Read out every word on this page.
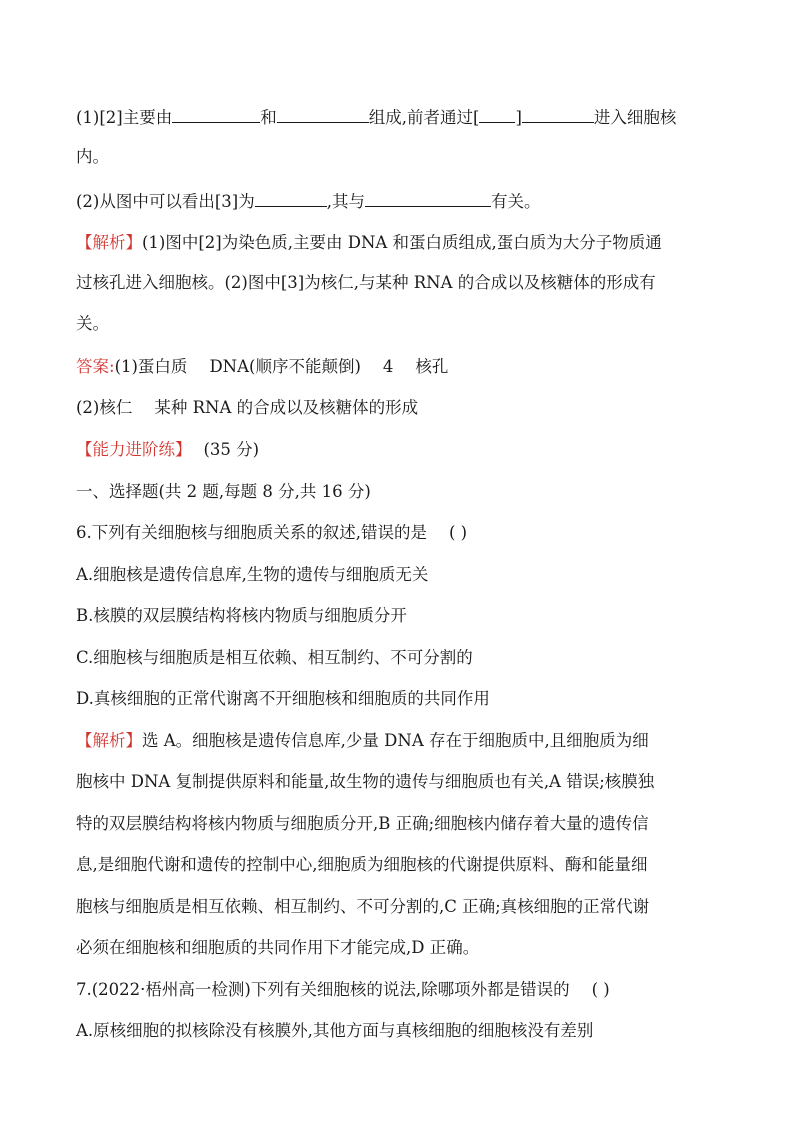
(1)[2]主要由	和	组成,前者通过[ ]	进入细胞核
内。
(2)从图中可以看出[3]为	,其与	有关。
【解析】(1)图中[2]为染色质,主要由 DNA 和蛋白质组成,蛋白质为大分子物质通
过核孔进入细胞核。(2)图中[3]为核仁,与某种 RNA 的合成以及核糖体的形成有
关。
答案:(1)蛋白质 DNA(顺序不能颠倒) 4 核孔
(2)核仁 某种 RNA 的合成以及核糖体的形成
【能力进阶练】 (35 分)
一、选择题(共 2 题,每题 8 分,共 16 分)
6.下列有关细胞核与细胞质关系的叙述,错误的是 ( )
A.细胞核是遗传信息库,生物的遗传与细胞质无关
B.核膜的双层膜结构将核内物质与细胞质分开
C.细胞核与细胞质是相互依赖、相互制约、不可分割的
D.真核细胞的正常代谢离不开细胞核和细胞质的共同作用
【解析】选 A。细胞核是遗传信息库,少量 DNA 存在于细胞质中,且细胞质为细
胞核中 DNA 复制提供原料和能量,故生物的遗传与细胞质也有关,A 错误;核膜独
特的双层膜结构将核内物质与细胞质分开,B 正确;细胞核内储存着大量的遗传信
息,是细胞代谢和遗传的控制中心,细胞质为细胞核的代谢提供原料、酶和能量细
胞核与细胞质是相互依赖、相互制约、不可分割的,C 正确;真核细胞的正常代谢
必须在细胞核和细胞质的共同作用下才能完成,D 正确。
7.(2022·梧州高一检测)下列有关细胞核的说法,除哪项外都是错误的 ( )
A.原核细胞的拟核除没有核膜外,其他方面与真核细胞的细胞核没有差别
